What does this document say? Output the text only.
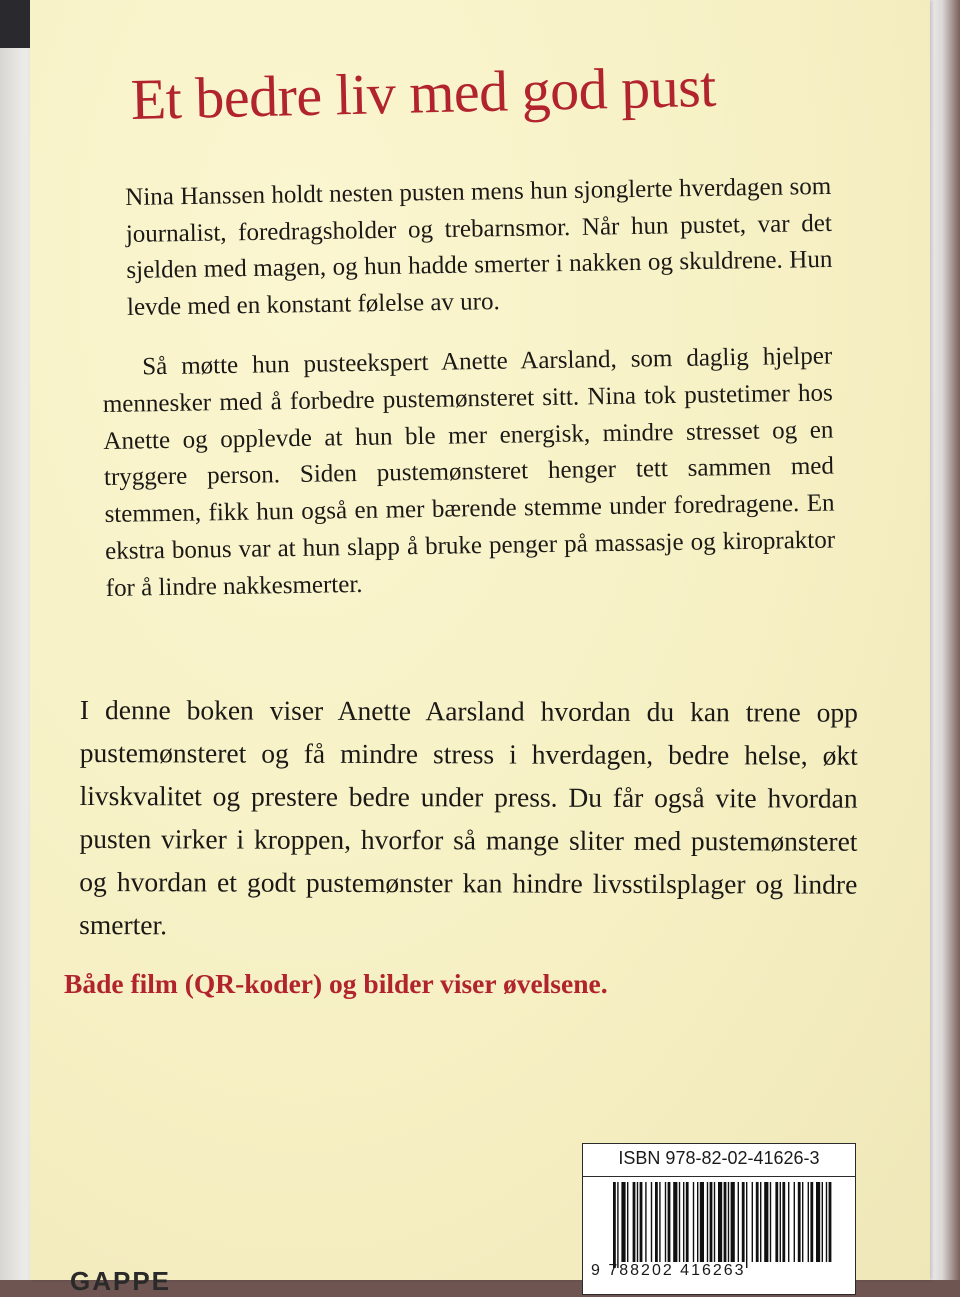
Et bedre liv med god pust

Nina Hanssen holdt nesten pusten mens hun sjonglerte hverdagen som journalist, foredragsholder og trebarnsmor. Når hun pustet, var det sjelden med magen, og hun hadde smerter i nakken og skuldrene. Hun levde med en konstant følelse av uro.

Så møtte hun pusteekspert Anette Aarsland, som daglig hjelper mennesker med å forbedre pustemønsteret sitt. Nina tok pustetimer hos Anette og opplevde at hun ble mer energisk, mindre stresset og en tryggere person. Siden pustemønsteret henger tett sammen med stemmen, fikk hun også en mer bærende stemme under foredragene. En ekstra bonus var at hun slapp å bruke penger på massasje og kiropraktor for å lindre nakkesmerter.

I denne boken viser Anette Aarsland hvordan du kan trene opp pustemønsteret og få mindre stress i hverdagen, bedre helse, økt livskvalitet og prestere bedre under press. Du får også vite hvordan pusten virker i kroppen, hvorfor så mange sliter med pustemønsteret og hvordan et godt pustemønster kan hindre livsstilsplager og lindre smerter.

Både film (QR-koder) og bilder viser øvelsene.

ISBN 978-82-02-41626-3
9 788202 416263
GAPPE
